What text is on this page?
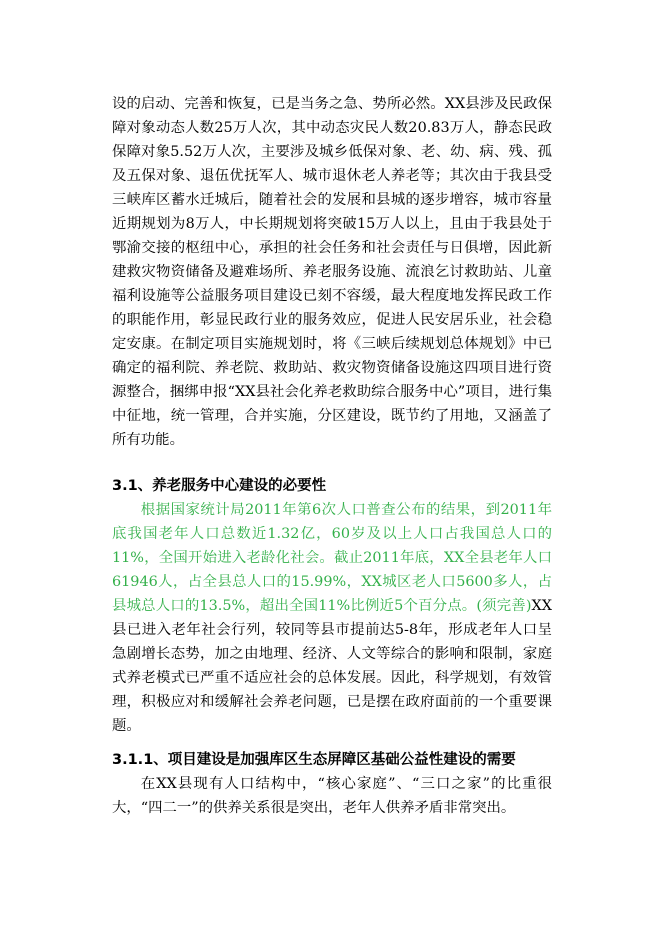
设的启动、完善和恢复，已是当务之急、势所必然。XX县涉及民政保障对象动态人数25万人次，其中动态灾民人数20.83万人，静态民政保障对象5.52万人次，主要涉及城乡低保对象、老、幼、病、残、孤及五保对象、退伍优抚军人、城市退休老人养老等；其次由于我县受三峡库区蓄水迁城后，随着社会的发展和县城的逐步增容，城市容量近期规划为8万人，中长期规划将突破15万人以上，且由于我县处于鄂渝交接的枢纽中心，承担的社会任务和社会责任与日俱增，因此新建救灾物资储备及避难场所、养老服务设施、流浪乞讨救助站、儿童福利设施等公益服务项目建设已刻不容缓，最大程度地发挥民政工作的职能作用，彰显民政行业的服务效应，促进人民安居乐业，社会稳定安康。在制定项目实施规划时，将《三峡后续规划总体规划》中已确定的福利院、养老院、救助站、救灾物资储备设施这四项目进行资源整合，捆绑申报“XX县社会化养老救助综合服务中心”项目，进行集中征地，统一管理，合并实施，分区建设，既节约了用地，又涵盖了所有功能。

3.1、养老服务中心建设的必要性

根据国家统计局2011年第6次人口普查公布的结果，到2011年底我国老年人口总数近1.32亿，60岁及以上人口占我国总人口的11%，全国开始进入老龄化社会。截止2011年底，XX全县老年人口61946人，占全县总人口的15.99%，XX城区老人口5600多人，占县城总人口的13.5%，超出全国11%比例近5个百分点。(须完善)XX县已进入老年社会行列，较同等县市提前达5-8年，形成老年人口呈急剧增长态势，加之由地理、经济、人文等综合的影响和限制，家庭式养老模式已严重不适应社会的总体发展。因此，科学规划，有效管理，积极应对和缓解社会养老问题，已是摆在政府面前的一个重要课题。

3.1.1、项目建设是加强库区生态屏障区基础公益性建设的需要

在XX县现有人口结构中，“核心家庭”、“三口之家”的比重很大，“四二一”的供养关系很是突出，老年人供养矛盾非常突出。
